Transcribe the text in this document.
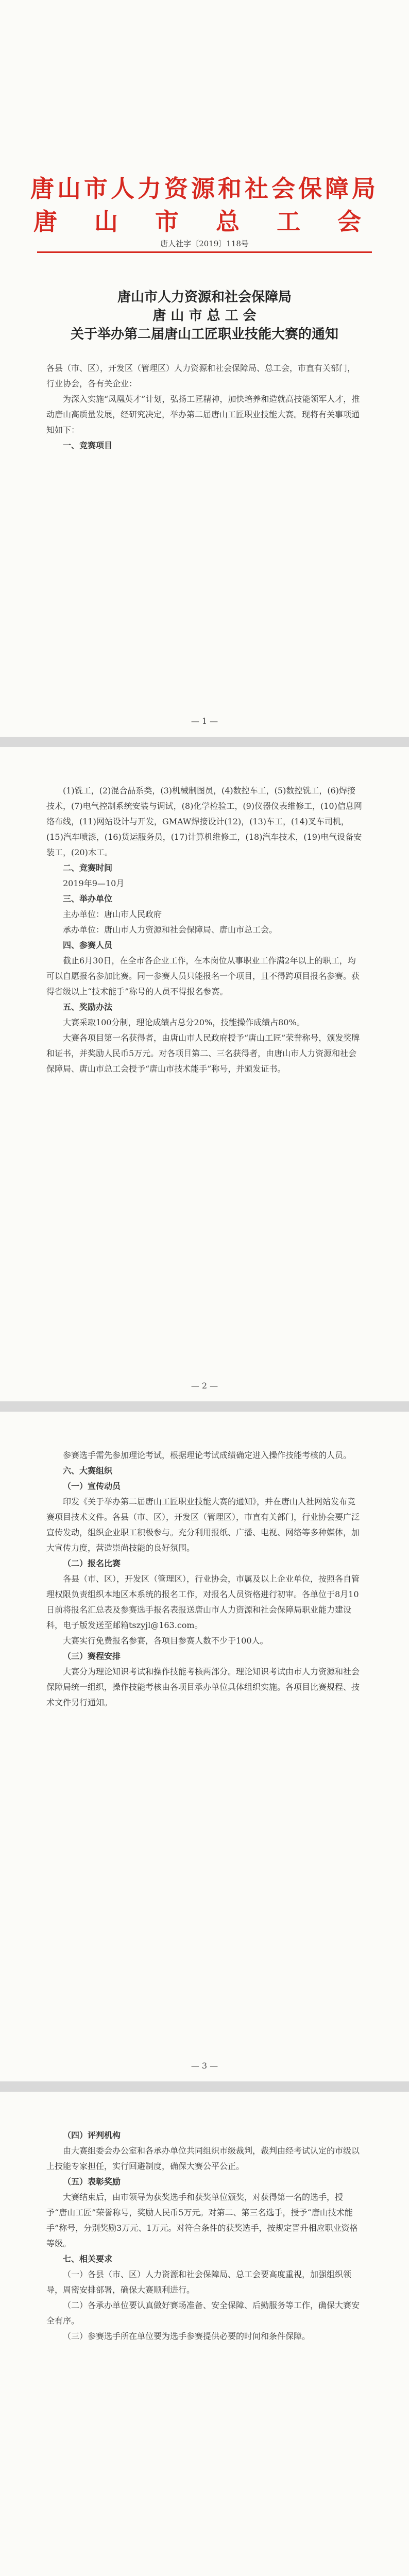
唐山市人力资源和社会保障局
唐 山 市 总 工 会
唐人社字〔2019〕118号
唐山市人力资源和社会保障局
唐 山 市 总 工 会
关于举办第二届唐山工匠职业技能大赛的通知

各县（市、区），开发区（管理区）人力资源和社会保障局、总工会，市直有关部门，行业协会，各有关企业：

为深入实施“凤凰英才”计划，弘扬工匠精神，加快培养和造就高技能领军人才，推动唐山高质量发展，经研究决定，举办第二届唐山工匠职业技能大赛。现将有关事项通知如下：

一、竞赛项目

— 1 —

(1)铣工，(2)混合品系类，(3)机械制图员，(4)数控车工，(5)数控铣工，(6)焊接技术，(7)电气控制系统安装与调试，(8)化学检验工，(9)仪器仪表维修工，(10)信息网络布线，(11)网站设计与开发，GMAW焊接设计(12)，(13)车工，(14)叉车司机，(15)汽车喷漆，(16)货运服务员，(17)计算机维修工，(18)汽车技术，(19)电气设备安装工，(20)木工。

二、竞赛时间

2019年9—10月

三、举办单位

主办单位：唐山市人民政府

承办单位：唐山市人力资源和社会保障局、唐山市总工会。

四、参赛人员

截止6月30日，在全市各企业工作，在本岗位从事职业工作满2年以上的职工，均可以自愿报名参加比赛。同一参赛人员只能报名一个项目，且不得跨项目报名参赛。获得省级以上“技术能手”称号的人员不得报名参赛。

五、奖励办法

大赛采取100分制，理论成绩占总分20%，技能操作成绩占80%。

大赛各项目第一名获得者，由唐山市人民政府授予“唐山工匠”荣誉称号，颁发奖牌和证书，并奖励人民币5万元。对各项目第二、三名获得者，由唐山市人力资源和社会保障局、唐山市总工会授予“唐山市技术能手”称号，并颁发证书。

— 2 —

参赛选手需先参加理论考试，根据理论考试成绩确定进入操作技能考核的人员。

六、大赛组织

（一）宣传动员

印发《关于举办第二届唐山工匠职业技能大赛的通知》，并在唐山人社网站发布竞赛项目技术文件。各县（市、区），开发区（管理区），市直有关部门，行业协会要广泛宣传发动，组织企业职工积极参与。充分利用报纸、广播、电视、网络等多种媒体，加大宣传力度，营造崇尚技能的良好氛围。

（二）报名比赛

各县（市、区），开发区（管理区），行业协会，市属及以上企业单位，按照各自管理权限负责组织本地区本系统的报名工作，对报名人员资格进行初审。各单位于8月10日前将报名汇总表及参赛选手报名表报送唐山市人力资源和社会保障局职业能力建设科，电子版发送至邮箱tszyjl@163.com。

大赛实行免费报名参赛，各项目参赛人数不少于100人。

（三）赛程安排

大赛分为理论知识考试和操作技能考核两部分。理论知识考试由市人力资源和社会保障局统一组织，操作技能考核由各项目承办单位具体组织实施。各项目比赛规程、技术文件另行通知。

— 3 —

（四）评判机构

由大赛组委会办公室和各承办单位共同组织市级裁判，裁判由经考试认定的市级以上技能专家担任，实行回避制度，确保大赛公平公正。

（五）表彰奖励

大赛结束后，由市领导为获奖选手和获奖单位颁奖，对获得第一名的选手，授予“唐山工匠”荣誉称号，奖励人民币5万元。对第二、第三名选手，授予“唐山技术能手”称号，分别奖励3万元、1万元。对符合条件的获奖选手，按规定晋升相应职业资格等级。

七、相关要求

（一）各县（市、区）人力资源和社会保障局、总工会要高度重视，加强组织领导，周密安排部署，确保大赛顺利进行。

（二）各承办单位要认真做好赛场准备、安全保障、后勤服务等工作，确保大赛安全有序。

（三）参赛选手所在单位要为选手参赛提供必要的时间和条件保障。
